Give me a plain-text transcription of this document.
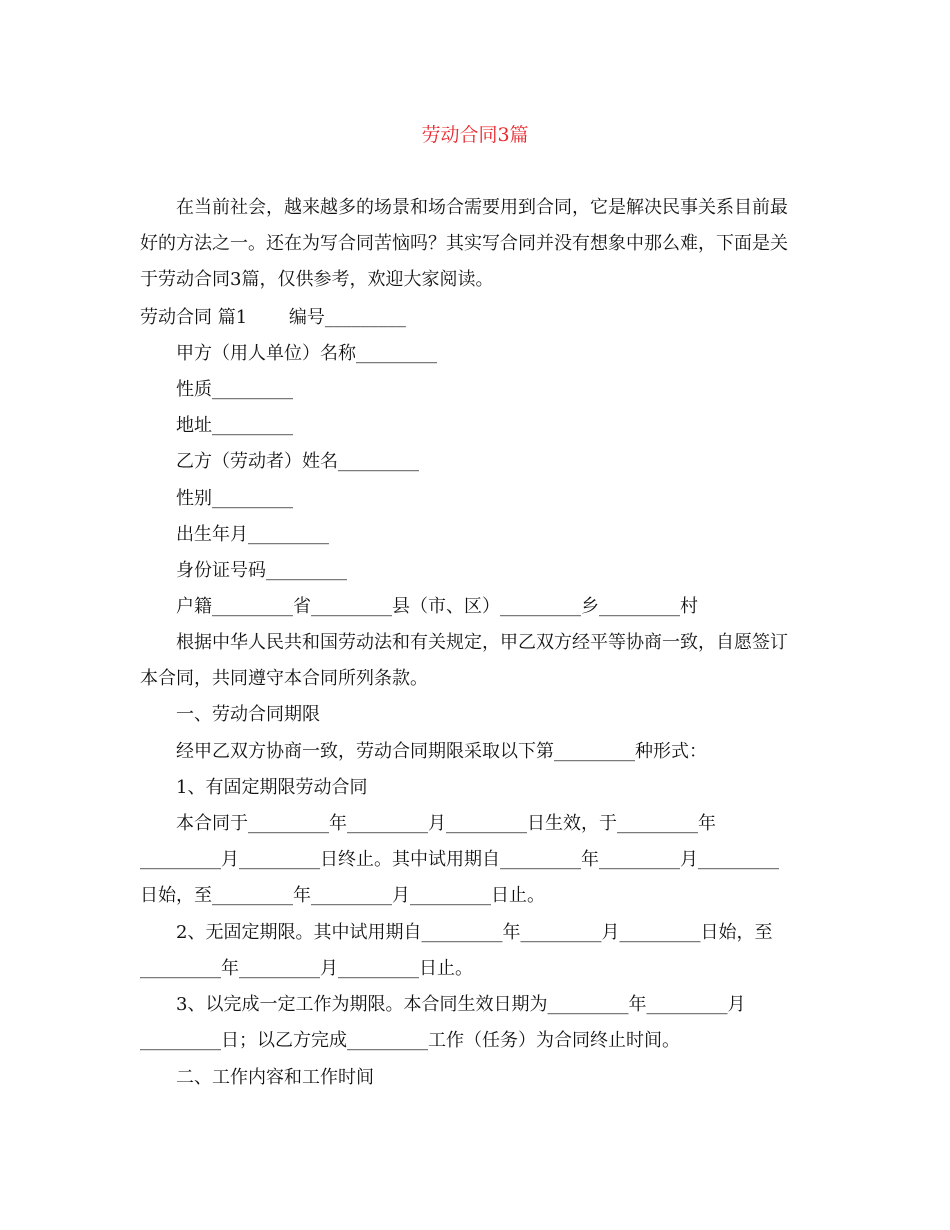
劳动合同3篇
　　在当前社会，越来越多的场景和场合需要用到合同，它是解决民事关系目前最
好的方法之一。还在为写合同苦恼吗？其实写合同并没有想象中那么难，下面是关
于劳动合同3篇，仅供参考，欢迎大家阅读。
劳动合同 篇1　　 编号_________
　　甲方（用人单位）名称_________
　　性质_________
　　地址_________
　　乙方（劳动者）姓名_________
　　性别_________
　　出生年月_________
　　身份证号码_________
　　户籍_________省_________县（市、区）_________乡_________村
　　根据中华人民共和国劳动法和有关规定，甲乙双方经平等协商一致，自愿签订
本合同，共同遵守本合同所列条款。
　　一、劳动合同期限
　　经甲乙双方协商一致，劳动合同期限采取以下第_________种形式：
　　1、有固定期限劳动合同
　　本合同于_________年_________月_________日生效，于_________年
_________月_________日终止。其中试用期自_________年_________月_________
日始，至_________年_________月_________日止。
　　2、无固定期限。其中试用期自_________年_________月_________日始，至
_________年_________月_________日止。
　　3、以完成一定工作为期限。本合同生效日期为_________年_________月
_________日；以乙方完成_________工作（任务）为合同终止时间。
　　二、工作内容和工作时间
